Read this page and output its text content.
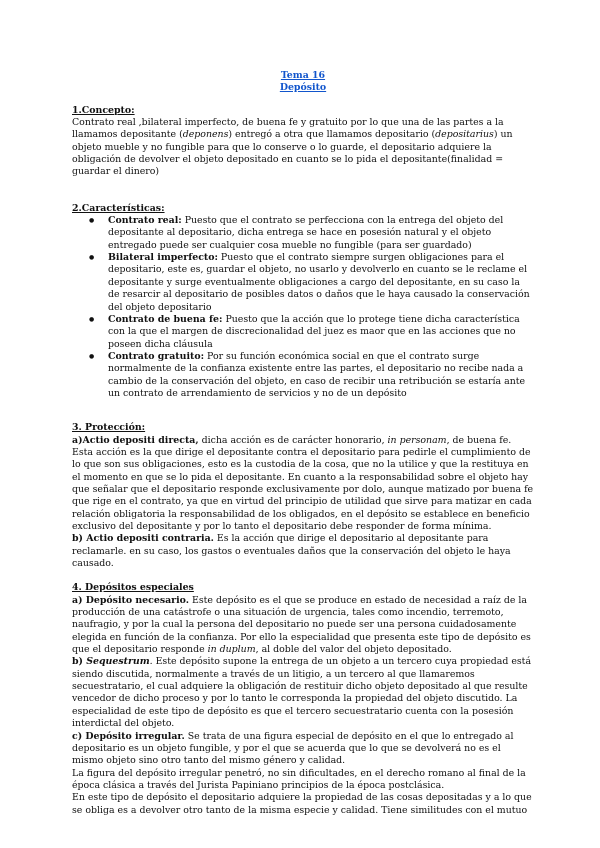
Tema 16
Depósito
1.Concepto:

Contrato real ,bilateral imperfecto, de buena fe y gratuito por lo que una de las partes a la llamamos depositante (deponens) entregó a otra que llamamos depositario (depositarius) un objeto mueble y no fungible para que lo conserve o lo guarde, el depositario adquiere la obligación de devolver el objeto depositado en cuanto se lo pida el depositante(finalidad = guardar el dinero)

2.Características:
● Contrato real: Puesto que el contrato se perfecciona con la entrega del objeto del depositante al depositario, dicha entrega se hace en posesión natural y el objeto entregado puede ser cualquier cosa mueble no fungible (para ser guardado)
● Bilateral imperfecto: Puesto que el contrato siempre surgen obligaciones para el depositario, este es, guardar el objeto, no usarlo y devolverlo en cuanto se le reclame el depositante y surge eventualmente obligaciones a cargo del depositante, en su caso la de resarcir al depositario de posibles datos o daños que le haya causado la conservación del objeto depositario
● Contrato de buena fe: Puesto que la acción que lo protege tiene dicha característica con la que el margen de discrecionalidad del juez es maor que en las acciones que no poseen dicha cláusula
● Contrato gratuito: Por su función económica social en que el contrato surge normalmente de la confianza existente entre las partes, el depositario no recibe nada a cambio de la conservación del objeto, en caso de recibir una retribución se estaría ante un contrato de arrendamiento de servicios y no de un depósito
3. Protección:

a)Actio depositi directa, dicha acción es de carácter honorario, in personam, de buena fe.

Esta acción es la que dirige el depositante contra el depositario para pedirle el cumplimiento de lo que son sus obligaciones, esto es la custodia de la cosa, que no la utilice y que la restituya en el momento en que se lo pida el depositante. En cuanto a la responsabilidad sobre el objeto hay que señalar que el depositario responde exclusivamente por dolo, aunque matizado por buena fe que rige en el contrato, ya que en virtud del principio de utilidad que sirve para matizar en cada relación obligatoria la responsabilidad de los obligados, en el depósito se establece en beneficio exclusivo del depositante y por lo tanto el depositario debe responder de forma mínima.

b) Actio depositi contraria. Es la acción que dirige el depositario al depositante para reclamarle. en su caso, los gastos o eventuales daños que la conservación del objeto le haya causado.

4. Depósitos especiales

a) Depósito necesario. Este depósito es el que se produce en estado de necesidad a raíz de la producción de una catástrofe o una situación de urgencia, tales como incendio, terremoto, naufragio, y por la cual la persona del depositario no puede ser una persona cuidadosamente elegida en función de la confianza. Por ello la especialidad que presenta este tipo de depósito es que el depositario responde in duplum, al doble del valor del objeto depositado.

b) Sequestrum. Este depósito supone la entrega de un objeto a un tercero cuya propiedad está siendo discutida, normalmente a través de un litigio, a un tercero al que llamaremos secuestratario, el cual adquiere la obligación de restituir dicho objeto depositado al que resulte vencedor de dicho proceso y por lo tanto le corresponda la propiedad del objeto discutido. La especialidad de este tipo de depósito es que el tercero secuestratario cuenta con la posesión interdictal del objeto.

c) Depósito irregular. Se trata de una figura especial de depósito en el que lo entregado al depositario es un objeto fungible, y por el que se acuerda que lo que se devolverá no es el mismo objeto sino otro tanto del mismo género y calidad.

La figura del depósito irregular penetró, no sin dificultades, en el derecho romano al final de la época clásica a través del Jurista Papiniano principios de la época postclásica.

En este tipo de depósito el depositario adquiere la propiedad de las cosas depositadas y a lo que se obliga es a devolver otro tanto de la misma especie y calidad. Tiene similitudes con el mutuo
